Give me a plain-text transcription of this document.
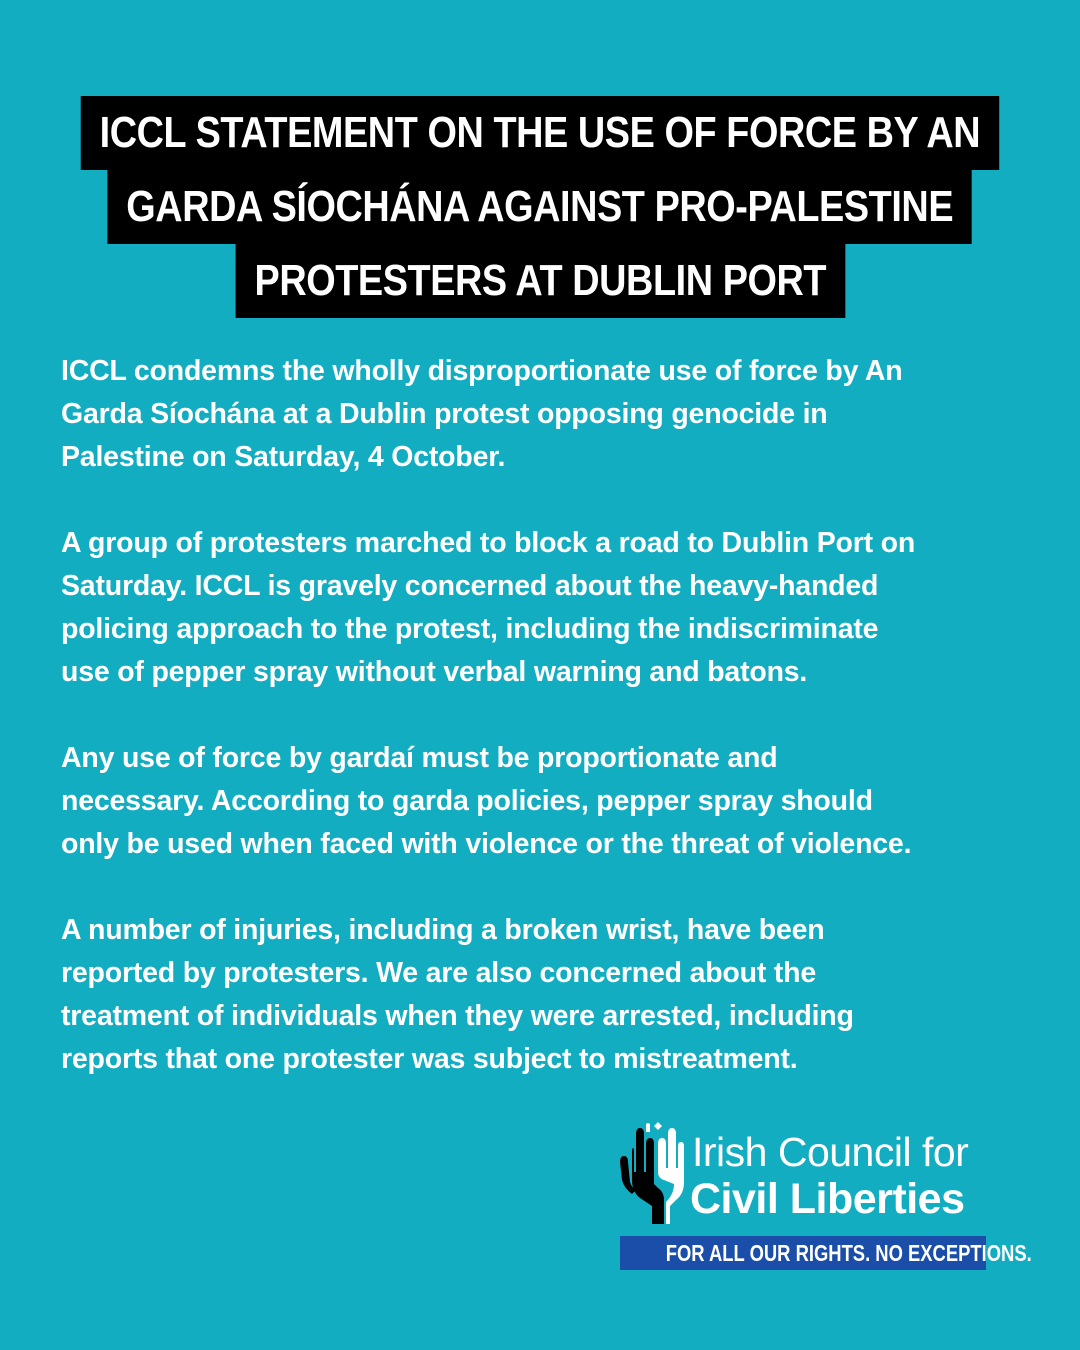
ICCL STATEMENT ON THE USE OF FORCE BY AN
GARDA SÍOCHÁNA AGAINST PRO-PALESTINE
PROTESTERS AT DUBLIN PORT

ICCL condemns the wholly disproportionate use of force by An
Garda Síochána at a Dublin protest opposing genocide in
Palestine on Saturday, 4 October.

A group of protesters marched to block a road to Dublin Port on
Saturday. ICCL is gravely concerned about the heavy-handed
policing approach to the protest, including the indiscriminate
use of pepper spray without verbal warning and batons.

Any use of force by gardaí must be proportionate and
necessary. According to garda policies, pepper spray should
only be used when faced with violence or the threat of violence.

A number of injuries, including a broken wrist, have been
reported by protesters. We are also concerned about the
treatment of individuals when they were arrested, including
reports that one protester was subject to mistreatment.

Irish Council for
Civil Liberties
FOR ALL OUR RIGHTS. NO EXCEPTIONS.
